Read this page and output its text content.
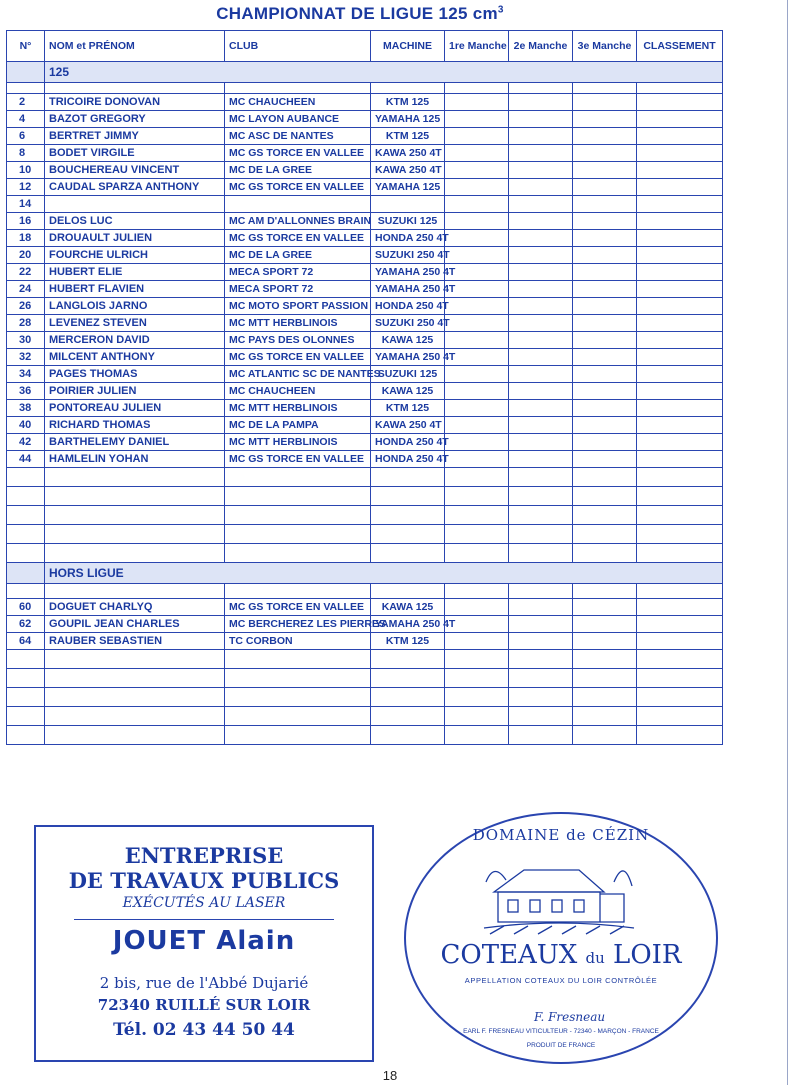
CHAMPIONNAT DE LIGUE 125 $cm^3$
N°	NOM et PRÉNOM	CLUB	MACHINE	1re Manche	2e Manche	3e Manche	CLASSEMENT
	125						

2	TRICOIRE DONOVAN	MC CHAUCHEEN	KTM 125				
4	BAZOT GREGORY	MC LAYON AUBANCE	YAMAHA 125				
6	BERTRET JIMMY	MC ASC DE NANTES	KTM 125				
8	BODET VIRGILE	MC GS TORCE EN VALLEE	KAWA 250 4T				
10	BOUCHEREAU VINCENT	MC DE LA GREE	KAWA 250 4T				
12	CAUDAL SPARZA ANTHONY	MC GS TORCE EN VALLEE	YAMAHA 125				
14							
16	DELOS LUC	MC AM D'ALLONNES BRAIN	SUZUKI 125				
18	DROUAULT JULIEN	MC GS TORCE EN VALLEE	HONDA 250 4T				
20	FOURCHE ULRICH	MC DE LA GREE	SUZUKI 250 4T				
22	HUBERT ELIE	MECA SPORT 72	YAMAHA 250 4T				
24	HUBERT FLAVIEN	MECA SPORT 72	YAMAHA 250 4T				
26	LANGLOIS JARNO	MC MOTO SPORT PASSION	HONDA 250 4T				
28	LEVENEZ STEVEN	MC MTT HERBLINOIS	SUZUKI 250 4T				
30	MERCERON DAVID	MC PAYS DES OLONNES	KAWA 125				
32	MILCENT ANTHONY	MC GS TORCE EN VALLEE	YAMAHA 250 4T				
34	PAGES THOMAS	MC ATLANTIC SC DE NANTES	SUZUKI 125				
36	POIRIER JULIEN	MC CHAUCHEEN	KAWA 125				
38	PONTOREAU JULIEN	MC MTT HERBLINOIS	KTM 125				
40	RICHARD THOMAS	MC DE LA PAMPA	KAWA 250 4T				
42	BARTHELEMY DANIEL	MC MTT HERBLINOIS	HONDA 250 4T				
44	HAMLELIN YOHAN	MC GS TORCE EN VALLEE	HONDA 250 4T				

	HORS LIGUE						

60	DOGUET CHARLYQ	MC GS TORCE EN VALLEE	KAWA 125				
62	GOUPIL JEAN CHARLES	MC BERCHEREZ LES PIERRES	YAMAHA 250 4T				
64	RAUBER SEBASTIEN	TC CORBON	KTM 125				

ENTREPRISE
DE TRAVAUX PUBLICS
EXÉCUTÉS AU LASER
JOUET Alain
2 bis, rue de l'Abbé Dujarié
72340 RUILLÉ SUR LOIR
Tél. 02 43 44 50 44
DOMAINE de CÉZIN
COTEAUX du LOIR
APPELLATION COTEAUX DU LOIR CONTRÔLÉE
F. Fresneau
EARL F. FRESNEAU VITICULTEUR - 72340 - MARÇON - FRANCE
PRODUIT DE FRANCE
18
